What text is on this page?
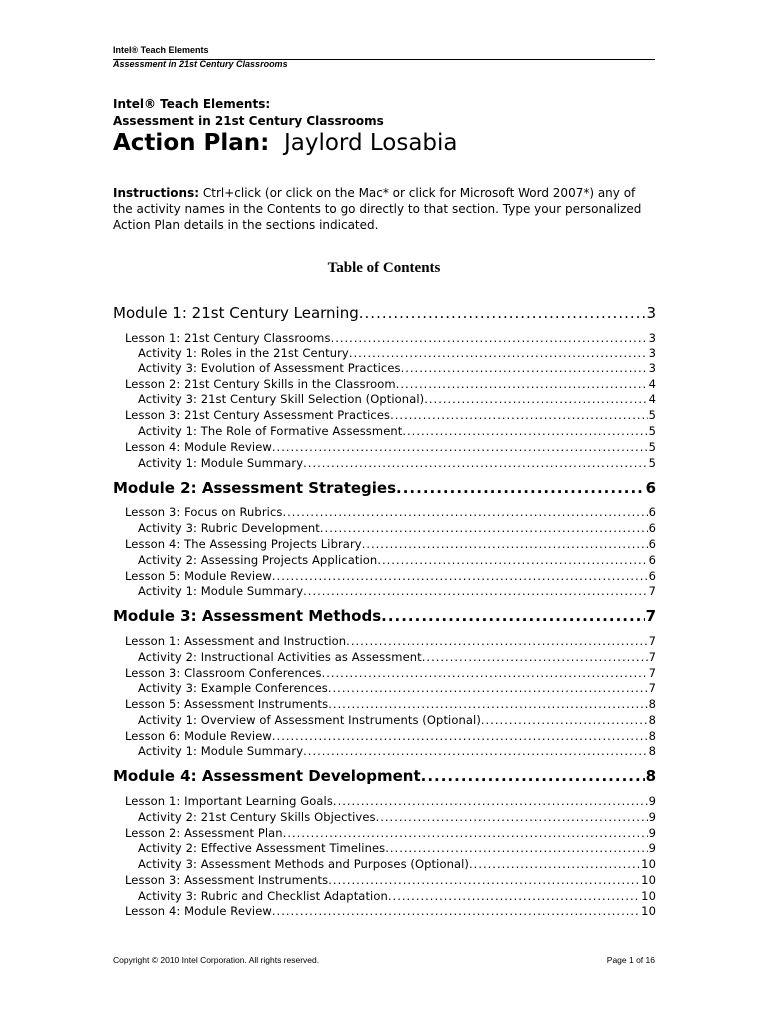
Intel® Teach Elements
Assessment in 21st Century Classrooms
Intel® Teach Elements:
Assessment in 21st Century Classrooms
Action Plan: Jaylord Losabia
Instructions: Ctrl+click (or click on the Mac* or click for Microsoft Word 2007*) any of the activity names in the Contents to go directly to that section. Type your personalized Action Plan details in the sections indicated.
Table of Contents
Module 1: 21st Century Learning .....	3
Lesson 1: 21st Century Classrooms .....	3
Activity 1: Roles in the 21st Century .....	3
Activity 3: Evolution of Assessment Practices .....	3
Lesson 2: 21st Century Skills in the Classroom .....	4
Activity 3: 21st Century Skill Selection (Optional) .....	4
Lesson 3: 21st Century Assessment Practices .....	5
Activity 1: The Role of Formative Assessment .....	5
Lesson 4: Module Review .....	5
Activity 1: Module Summary .....	5
Module 2: Assessment Strategies .....	6
Lesson 3: Focus on Rubrics .....	6
Activity 3: Rubric Development .....	6
Lesson 4: The Assessing Projects Library .....	6
Activity 2: Assessing Projects Application .....	6
Lesson 5: Module Review .....	6
Activity 1: Module Summary .....	7
Module 3: Assessment Methods .....	7
Lesson 1: Assessment and Instruction .....	7
Activity 2: Instructional Activities as Assessment .....	7
Lesson 3: Classroom Conferences .....	7
Activity 3: Example Conferences .....	7
Lesson 5: Assessment Instruments .....	8
Activity 1: Overview of Assessment Instruments (Optional) .....	8
Lesson 6: Module Review .....	8
Activity 1: Module Summary .....	8
Module 4: Assessment Development .....	8
Lesson 1: Important Learning Goals .....	9
Activity 2: 21st Century Skills Objectives .....	9
Lesson 2: Assessment Plan .....	9
Activity 2: Effective Assessment Timelines .....	9
Activity 3: Assessment Methods and Purposes (Optional) .....	10
Lesson 3: Assessment Instruments .....	10
Activity 3: Rubric and Checklist Adaptation .....	10
Lesson 4: Module Review .....	10
Copyright © 2010 Intel Corporation. All rights reserved.	Page 1 of 16
